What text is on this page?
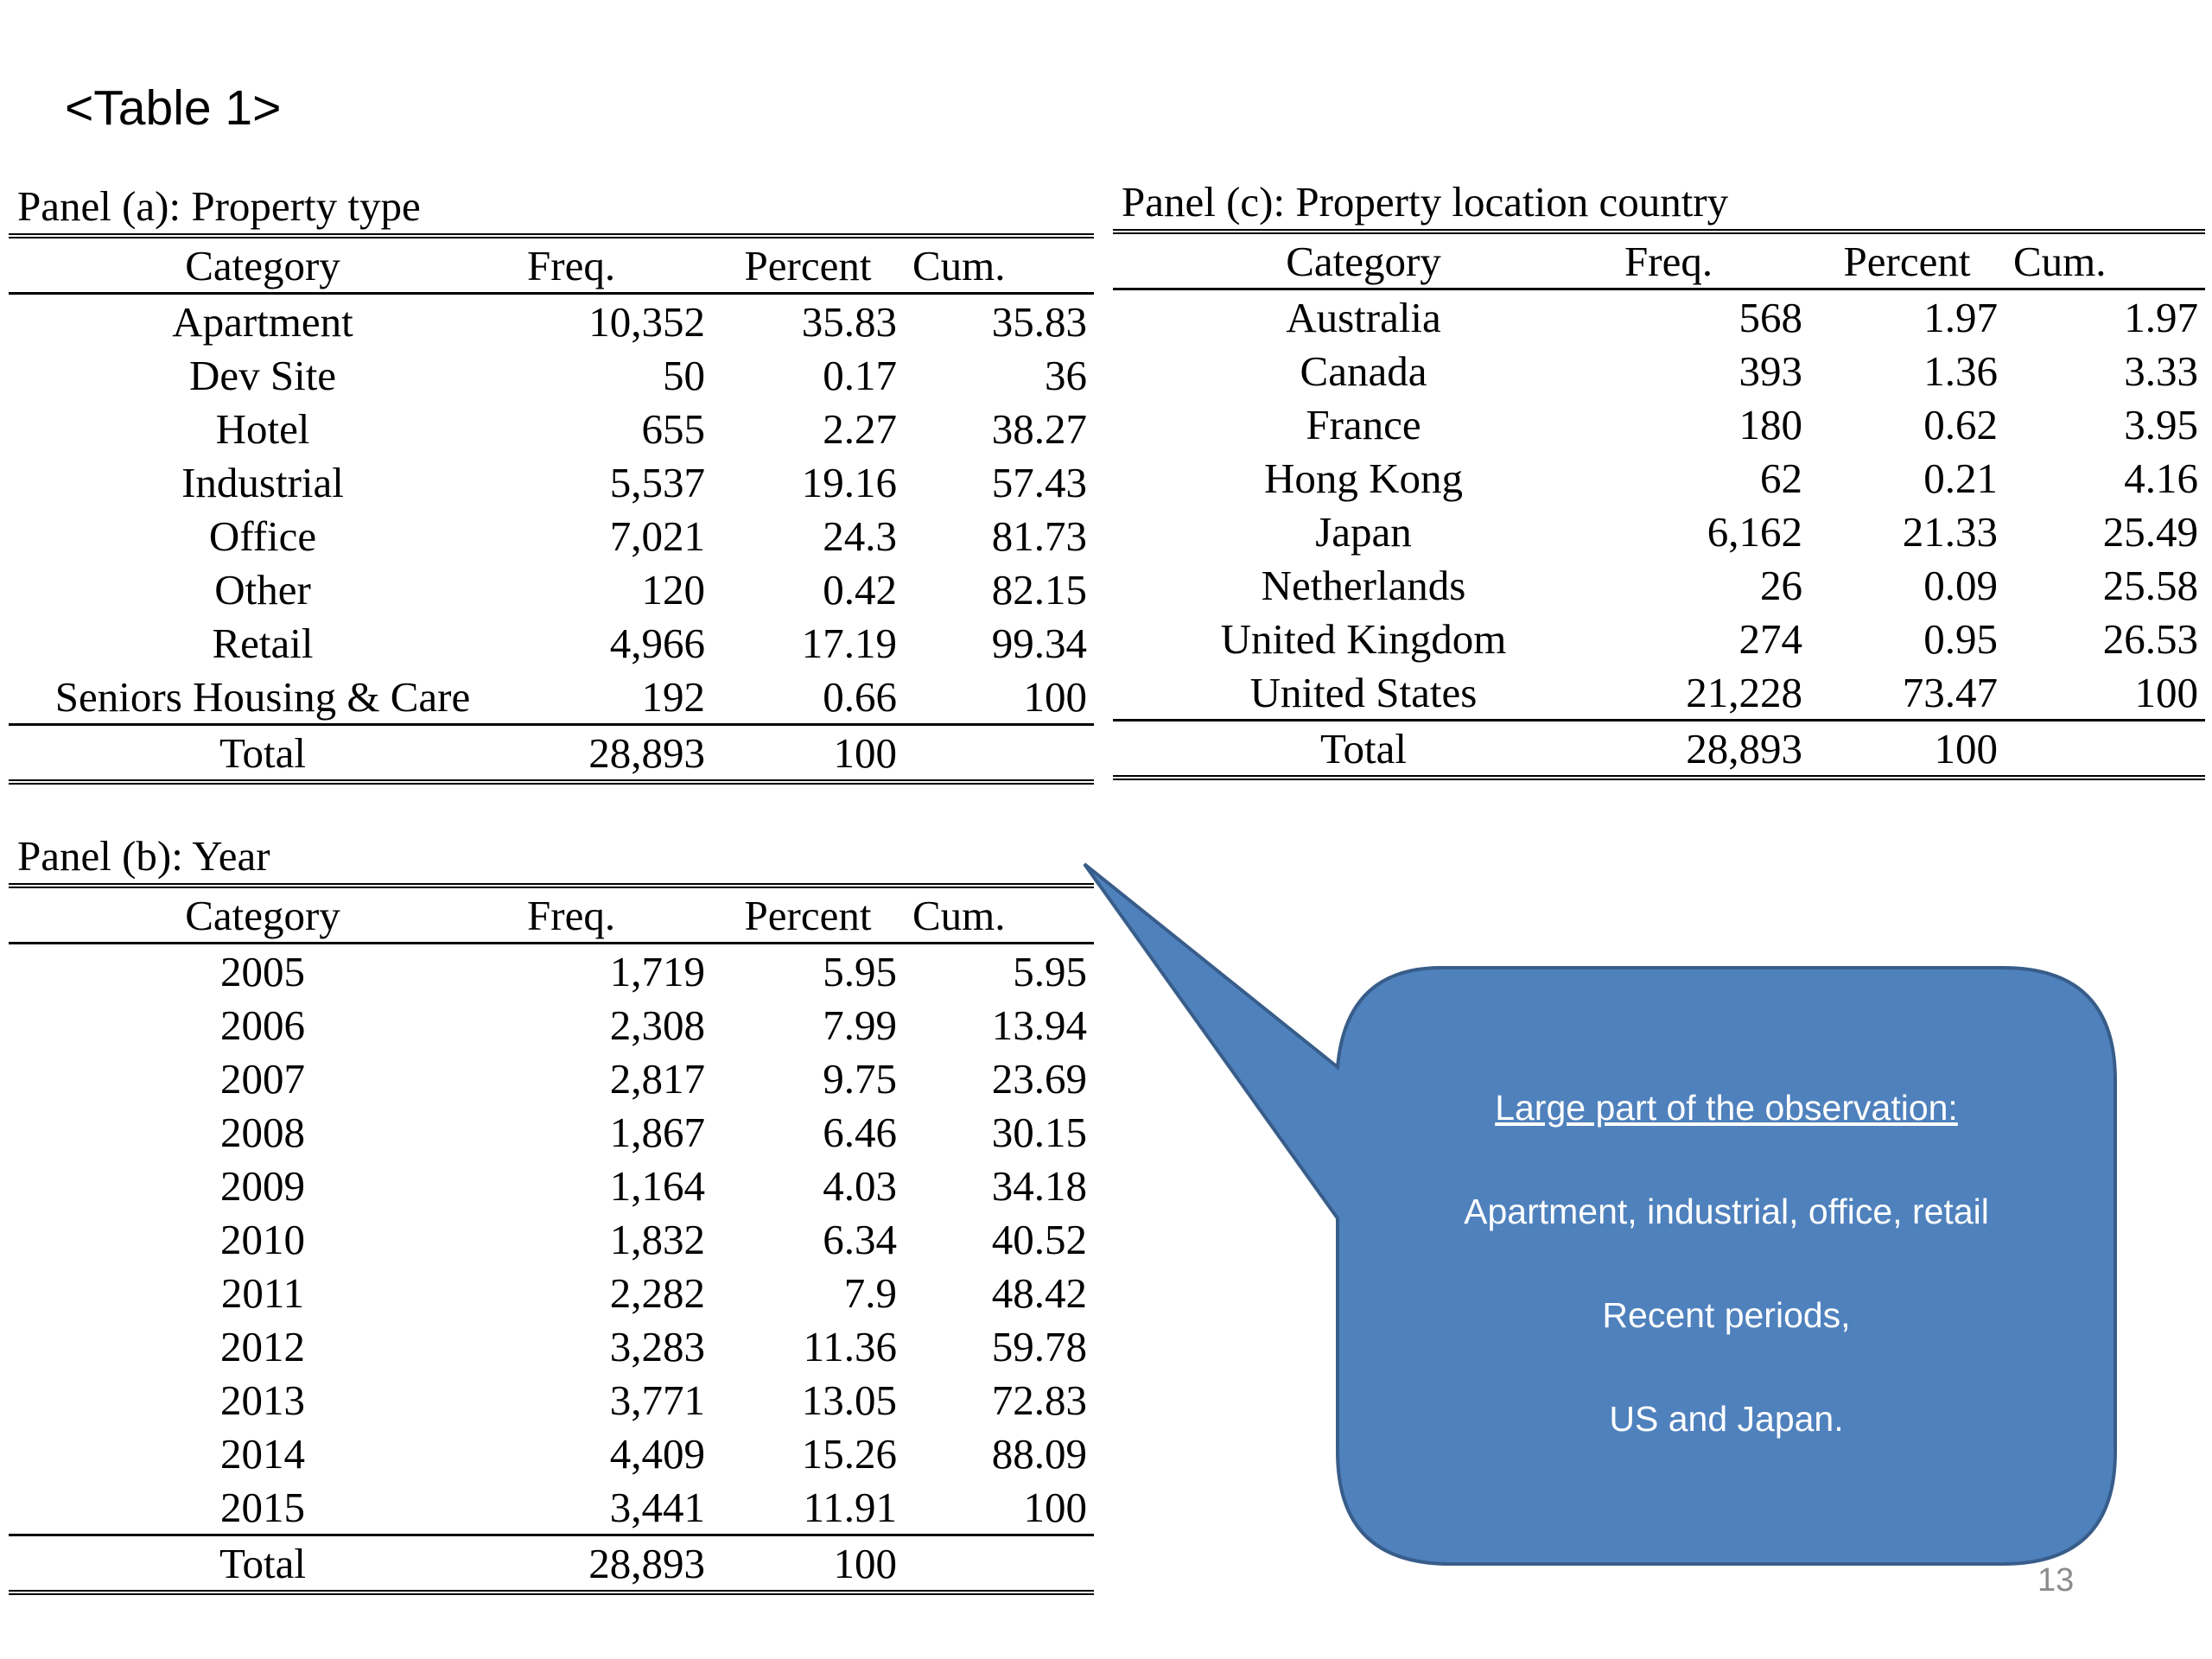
<Table 1>
Panel (a): Property type
Category	Freq.	Percent	Cum.
Apartment	10,352	35.83	35.83
Dev Site	50	0.17	36
Hotel	655	2.27	38.27
Industrial	5,537	19.16	57.43
Office	7,021	24.3	81.73
Other	120	0.42	82.15
Retail	4,966	17.19	99.34
Seniors Housing & Care	192	0.66	100
Total	28,893	100	
Panel (c): Property location country
Category	Freq.	Percent	Cum.
Australia	568	1.97	1.97
Canada	393	1.36	3.33
France	180	0.62	3.95
Hong Kong	62	0.21	4.16
Japan	6,162	21.33	25.49
Netherlands	26	0.09	25.58
United Kingdom	274	0.95	26.53
United States	21,228	73.47	100
Total	28,893	100	
Panel (b): Year
Category	Freq.	Percent	Cum.
2005	1,719	5.95	5.95
2006	2,308	7.99	13.94
2007	2,817	9.75	23.69
2008	1,867	6.46	30.15
2009	1,164	4.03	34.18
2010	1,832	6.34	40.52
2011	2,282	7.9	48.42
2012	3,283	11.36	59.78
2013	3,771	13.05	72.83
2014	4,409	15.26	88.09
2015	3,441	11.91	100
Total	28,893	100	

Large part of the observation:

Apartment, industrial, office, retail

Recent periods,

US and Japan.

13
